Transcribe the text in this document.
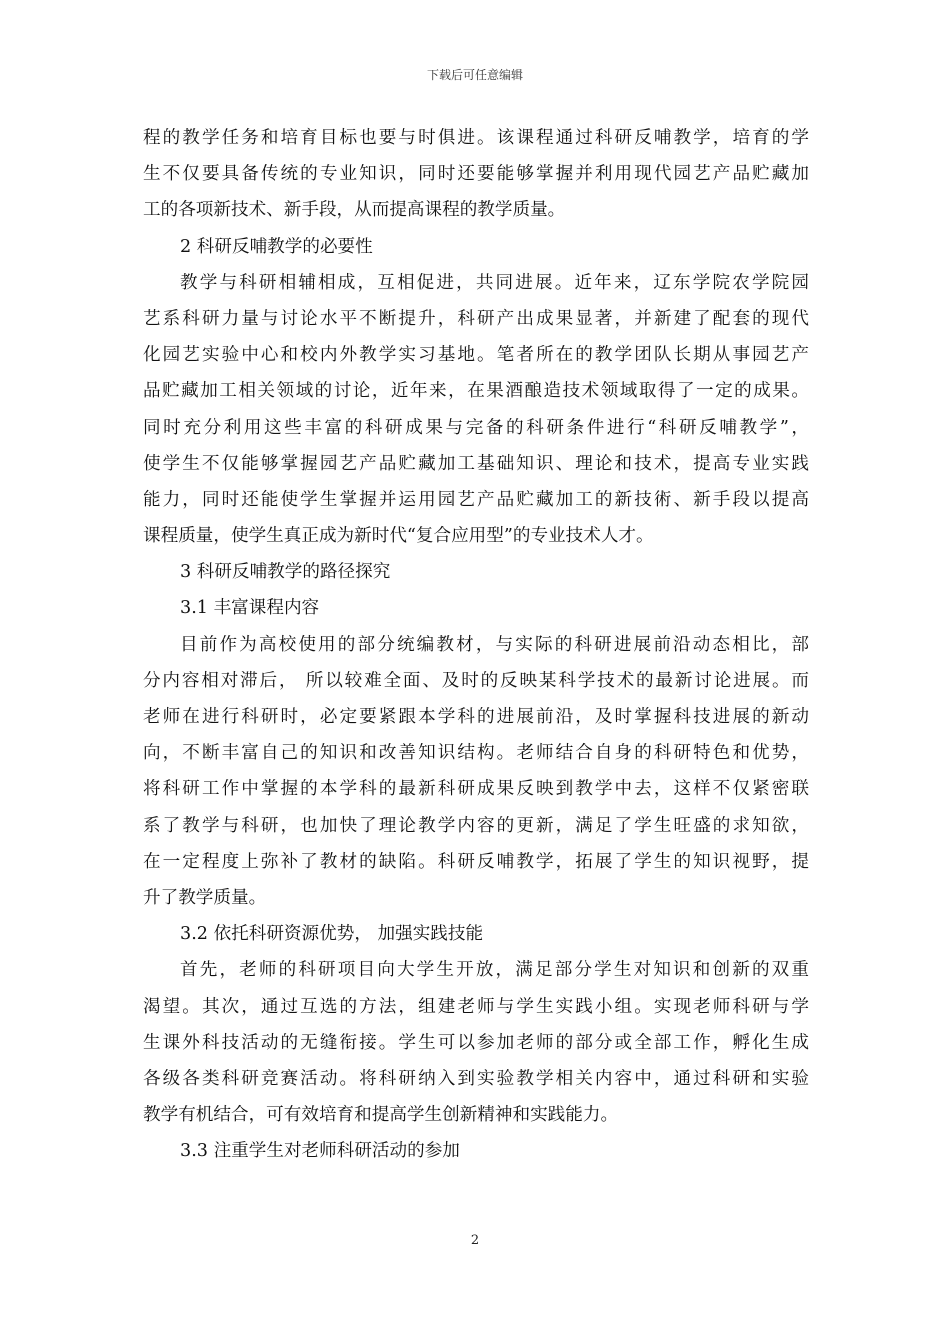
下载后可任意编辑
程的教学任务和培育目标也要与时俱进。该课程通过科研反哺教学，培育的学
生不仅要具备传统的专业知识，同时还要能够掌握并利用现代园艺产品贮藏加
工的各项新技术、新手段，从而提高课程的教学质量。
2 科研反哺教学的必要性
教学与科研相辅相成，互相促进，共同进展。近年来，辽东学院农学院园
艺系科研力量与讨论水平不断提升，科研产出成果显著，并新建了配套的现代
化园艺实验中心和校内外教学实习基地。笔者所在的教学团队长期从事园艺产
品贮藏加工相关领域的讨论，近年来，在果酒酿造技术领域取得了一定的成果。
同时充分利用这些丰富的科研成果与完备的科研条件进行“科研反哺教学”，
使学生不仅能够掌握园艺产品贮藏加工基础知识、理论和技术，提高专业实践
能力，同时还能使学生掌握并运用园艺产品贮藏加工的新技術、新手段以提高
课程质量，使学生真正成为新时代“复合应用型”的专业技术人才。
3 科研反哺教学的路径探究
3.1 丰富课程内容
目前作为高校使用的部分统编教材，与实际的科研进展前沿动态相比，部
分内容相对滞后， 所以较难全面、及时的反映某科学技术的最新讨论进展。而
老师在进行科研时，必定要紧跟本学科的进展前沿，及时掌握科技进展的新动
向，不断丰富自己的知识和改善知识结构。老师结合自身的科研特色和优势，
将科研工作中掌握的本学科的最新科研成果反映到教学中去，这样不仅紧密联
系了教学与科研，也加快了理论教学内容的更新，满足了学生旺盛的求知欲，
在一定程度上弥补了教材的缺陷。科研反哺教学，拓展了学生的知识视野，提
升了教学质量。
3.2 依托科研资源优势， 加强实践技能
首先，老师的科研项目向大学生开放，满足部分学生对知识和创新的双重
渴望。其次，通过互选的方法，组建老师与学生实践小组。实现老师科研与学
生课外科技活动的无缝衔接。学生可以参加老师的部分或全部工作，孵化生成
各级各类科研竞赛活动。将科研纳入到实验教学相关内容中，通过科研和实验
教学有机结合，可有效培育和提高学生创新精神和实践能力。
3.3 注重学生对老师科研活动的参加
2
